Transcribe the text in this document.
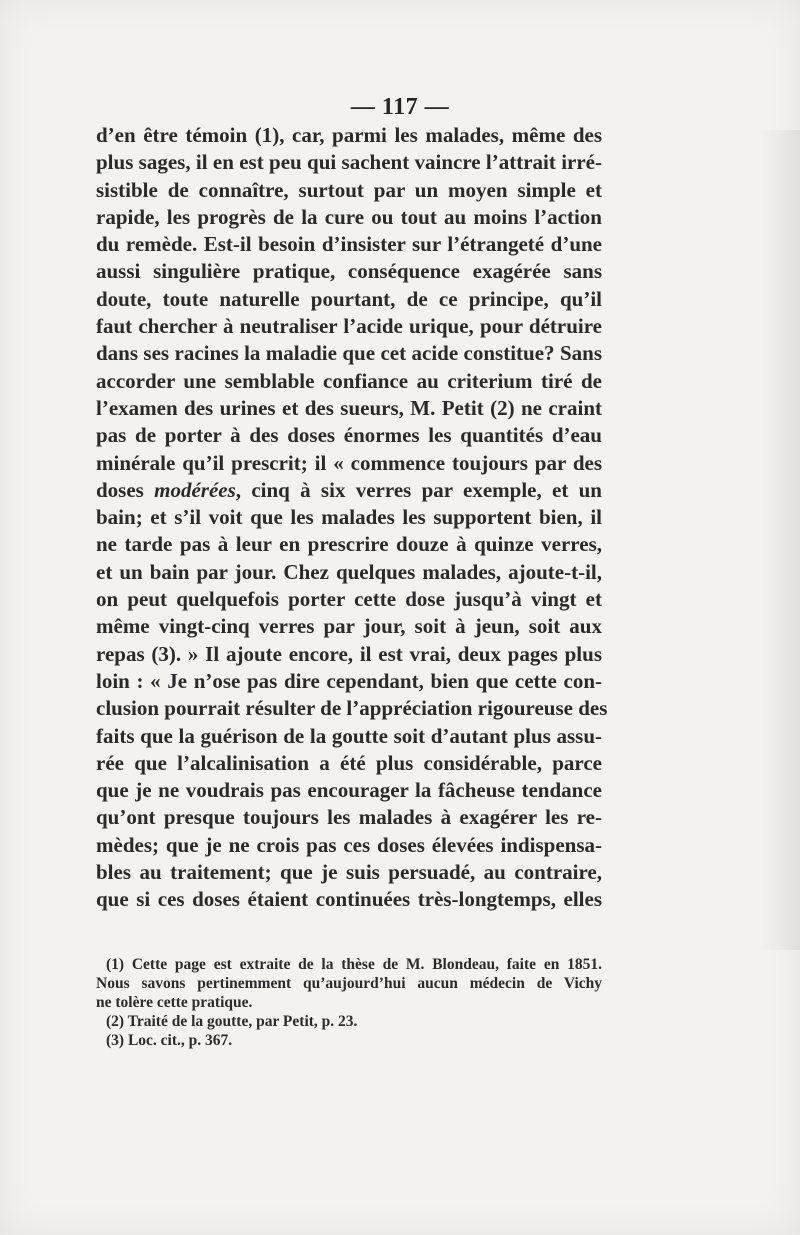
— 117 —
d’en être témoin (1), car, parmi les malades, même des
plus sages, il en est peu qui sachent vaincre l’attrait irré-
sistible de connaître, surtout par un moyen simple et
rapide, les progrès de la cure ou tout au moins l’action
du remède. Est-il besoin d’insister sur l’étrangeté d’une
aussi singulière pratique, conséquence exagérée sans
doute, toute naturelle pourtant, de ce principe, qu’il
faut chercher à neutraliser l’acide urique, pour détruire
dans ses racines la maladie que cet acide constitue? Sans
accorder une semblable confiance au criterium tiré de
l’examen des urines et des sueurs, M. Petit (2) ne craint
pas de porter à des doses énormes les quantités d’eau
minérale qu’il prescrit; il « commence toujours par des
doses modérées, cinq à six verres par exemple, et un
bain; et s’il voit que les malades les supportent bien, il
ne tarde pas à leur en prescrire douze à quinze verres,
et un bain par jour. Chez quelques malades, ajoute-t-il,
on peut quelquefois porter cette dose jusqu’à vingt et
même vingt-cinq verres par jour, soit à jeun, soit aux
repas (3). » Il ajoute encore, il est vrai, deux pages plus
loin : « Je n’ose pas dire cependant, bien que cette con-
clusion pourrait résulter de l’appréciation rigoureuse des
faits que la guérison de la goutte soit d’autant plus assu-
rée que l’alcalinisation a été plus considérable, parce
que je ne voudrais pas encourager la fâcheuse tendance
qu’ont presque toujours les malades à exagérer les re-
mèdes; que je ne crois pas ces doses élevées indispensa-
bles au traitement; que je suis persuadé, au contraire,
que si ces doses étaient continuées très-longtemps, elles
(1) Cette page est extraite de la thèse de M. Blondeau, faite en 1851.
Nous savons pertinemment qu’aujourd’hui aucun médecin de Vichy
ne tolère cette pratique.
(2) Traité de la goutte, par Petit, p. 23.
(3) Loc. cit., p. 367.
